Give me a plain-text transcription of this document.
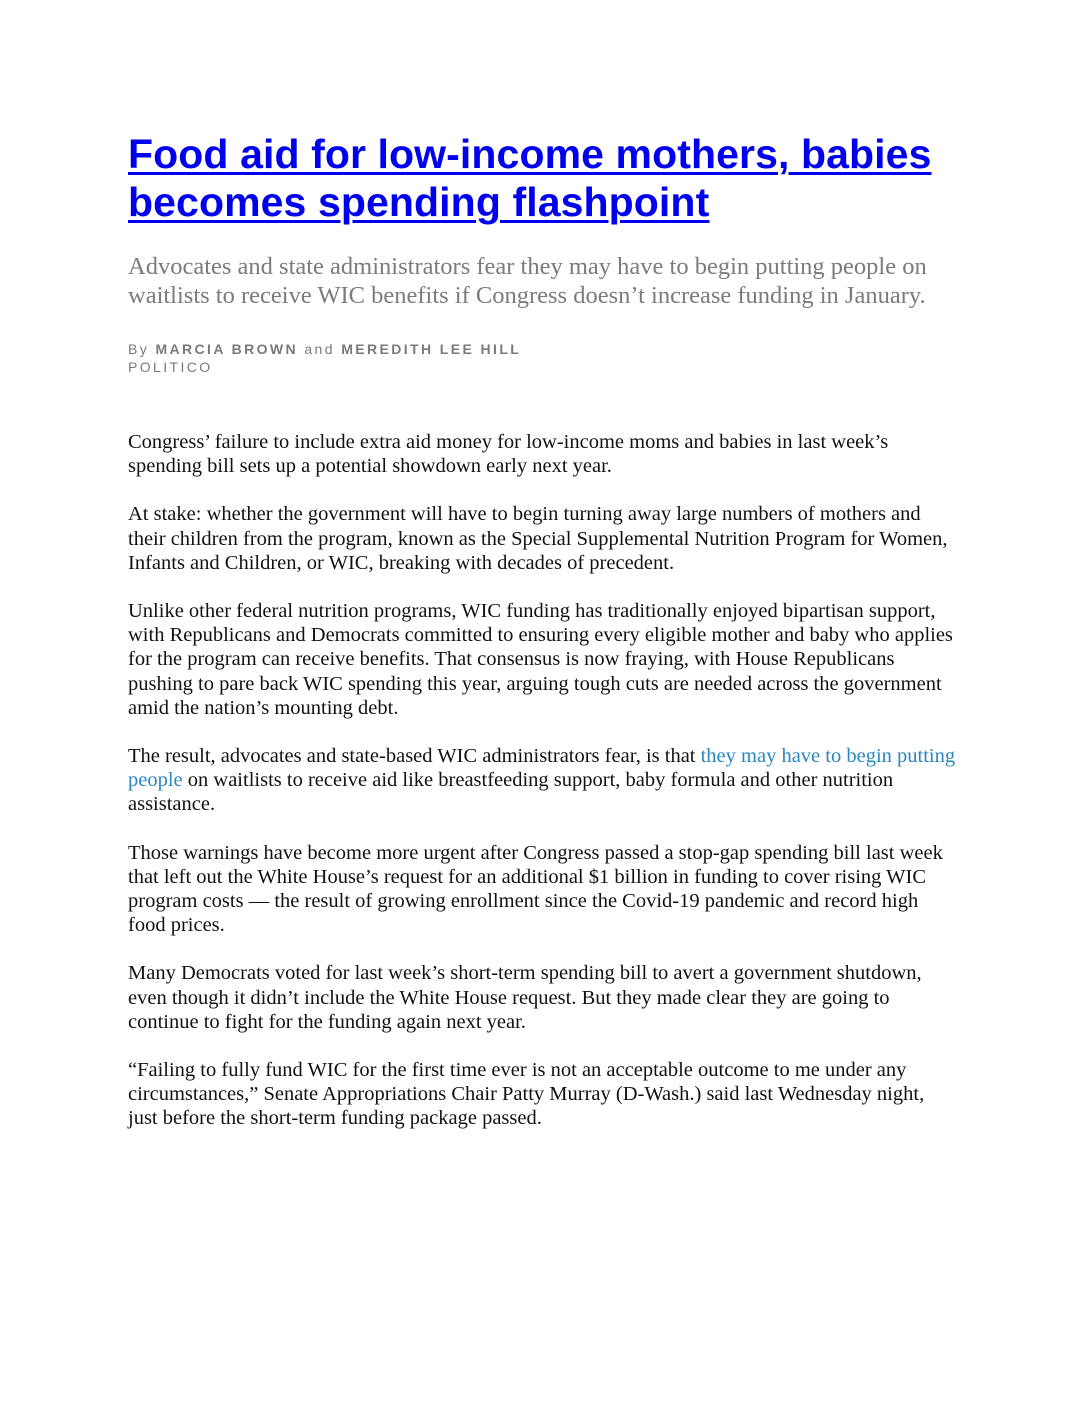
Food aid for low-income mothers, babies becomes spending flashpoint

Advocates and state administrators fear they may have to begin putting people on waitlists to receive WIC benefits if Congress doesn’t increase funding in January.

By MARCIA BROWN and MEREDITH LEE HILL
POLITICO

Congress’ failure to include extra aid money for low-income moms and babies in last week’s spending bill sets up a potential showdown early next year.

At stake: whether the government will have to begin turning away large numbers of mothers and their children from the program, known as the Special Supplemental Nutrition Program for Women, Infants and Children, or WIC, breaking with decades of precedent.

Unlike other federal nutrition programs, WIC funding has traditionally enjoyed bipartisan support, with Republicans and Democrats committed to ensuring every eligible mother and baby who applies for the program can receive benefits. That consensus is now fraying, with House Republicans pushing to pare back WIC spending this year, arguing tough cuts are needed across the government amid the nation’s mounting debt.

The result, advocates and state-based WIC administrators fear, is that they may have to begin putting people on waitlists to receive aid like breastfeeding support, baby formula and other nutrition assistance.

Those warnings have become more urgent after Congress passed a stop-gap spending bill last week that left out the White House’s request for an additional $1 billion in funding to cover rising WIC program costs — the result of growing enrollment since the Covid-19 pandemic and record high food prices.

Many Democrats voted for last week’s short-term spending bill to avert a government shutdown, even though it didn’t include the White House request. But they made clear they are going to continue to fight for the funding again next year.

“Failing to fully fund WIC for the first time ever is not an acceptable outcome to me under any circumstances,” Senate Appropriations Chair Patty Murray (D-Wash.) said last Wednesday night, just before the short-term funding package passed.
